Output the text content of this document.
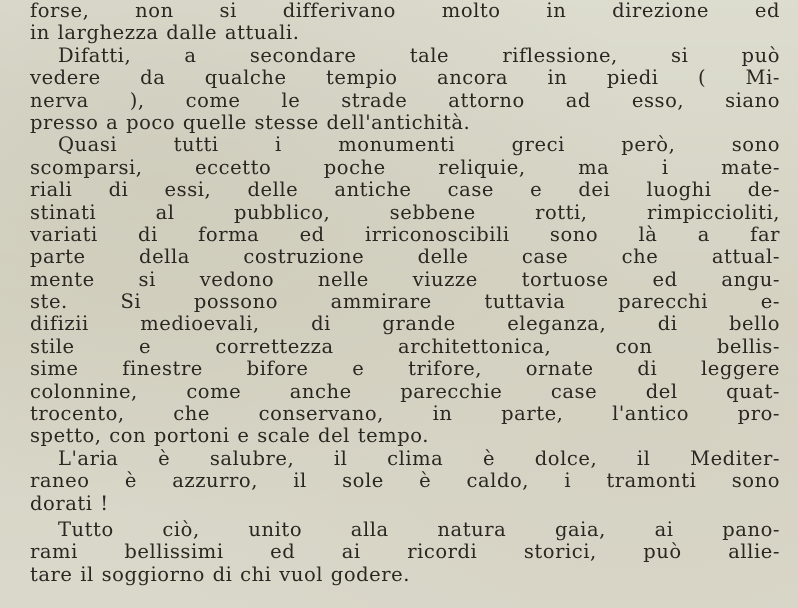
forse, non si differivano molto in direzione ed
in larghezza dalle attuali.
Difatti, a secondare tale riflessione, si può
vedere da qualche tempio ancora in piedi ( Mi-
nerva ), come le strade attorno ad esso, siano
presso a poco quelle stesse dell'antichità.
Quasi tutti i monumenti greci però, sono
scomparsi, eccetto poche reliquie, ma i mate-
riali di essi, delle antiche case e dei luoghi de-
stinati al pubblico, sebbene rotti, rimpiccioliti,
variati di forma ed irriconoscibili sono là a far
parte della costruzione delle case che attual-
mente si vedono nelle viuzze tortuose ed angu-
ste. Si possono ammirare tuttavia parecchi e-
difizii medioevali, di grande eleganza, di bello
stile e correttezza architettonica, con bellis-
sime finestre bifore e trifore, ornate di leggere
colonnine, come anche parecchie case del quat-
trocento, che conservano, in parte, l'antico pro-
spetto, con portoni e scale del tempo.
L'aria è salubre, il clima è dolce, il Mediter-
raneo è azzurro, il sole è caldo, i tramonti sono
dorati !
Tutto ciò, unito alla natura gaia, ai pano-
rami bellissimi ed ai ricordi storici, può allie-
tare il soggiorno di chi vuol godere.
